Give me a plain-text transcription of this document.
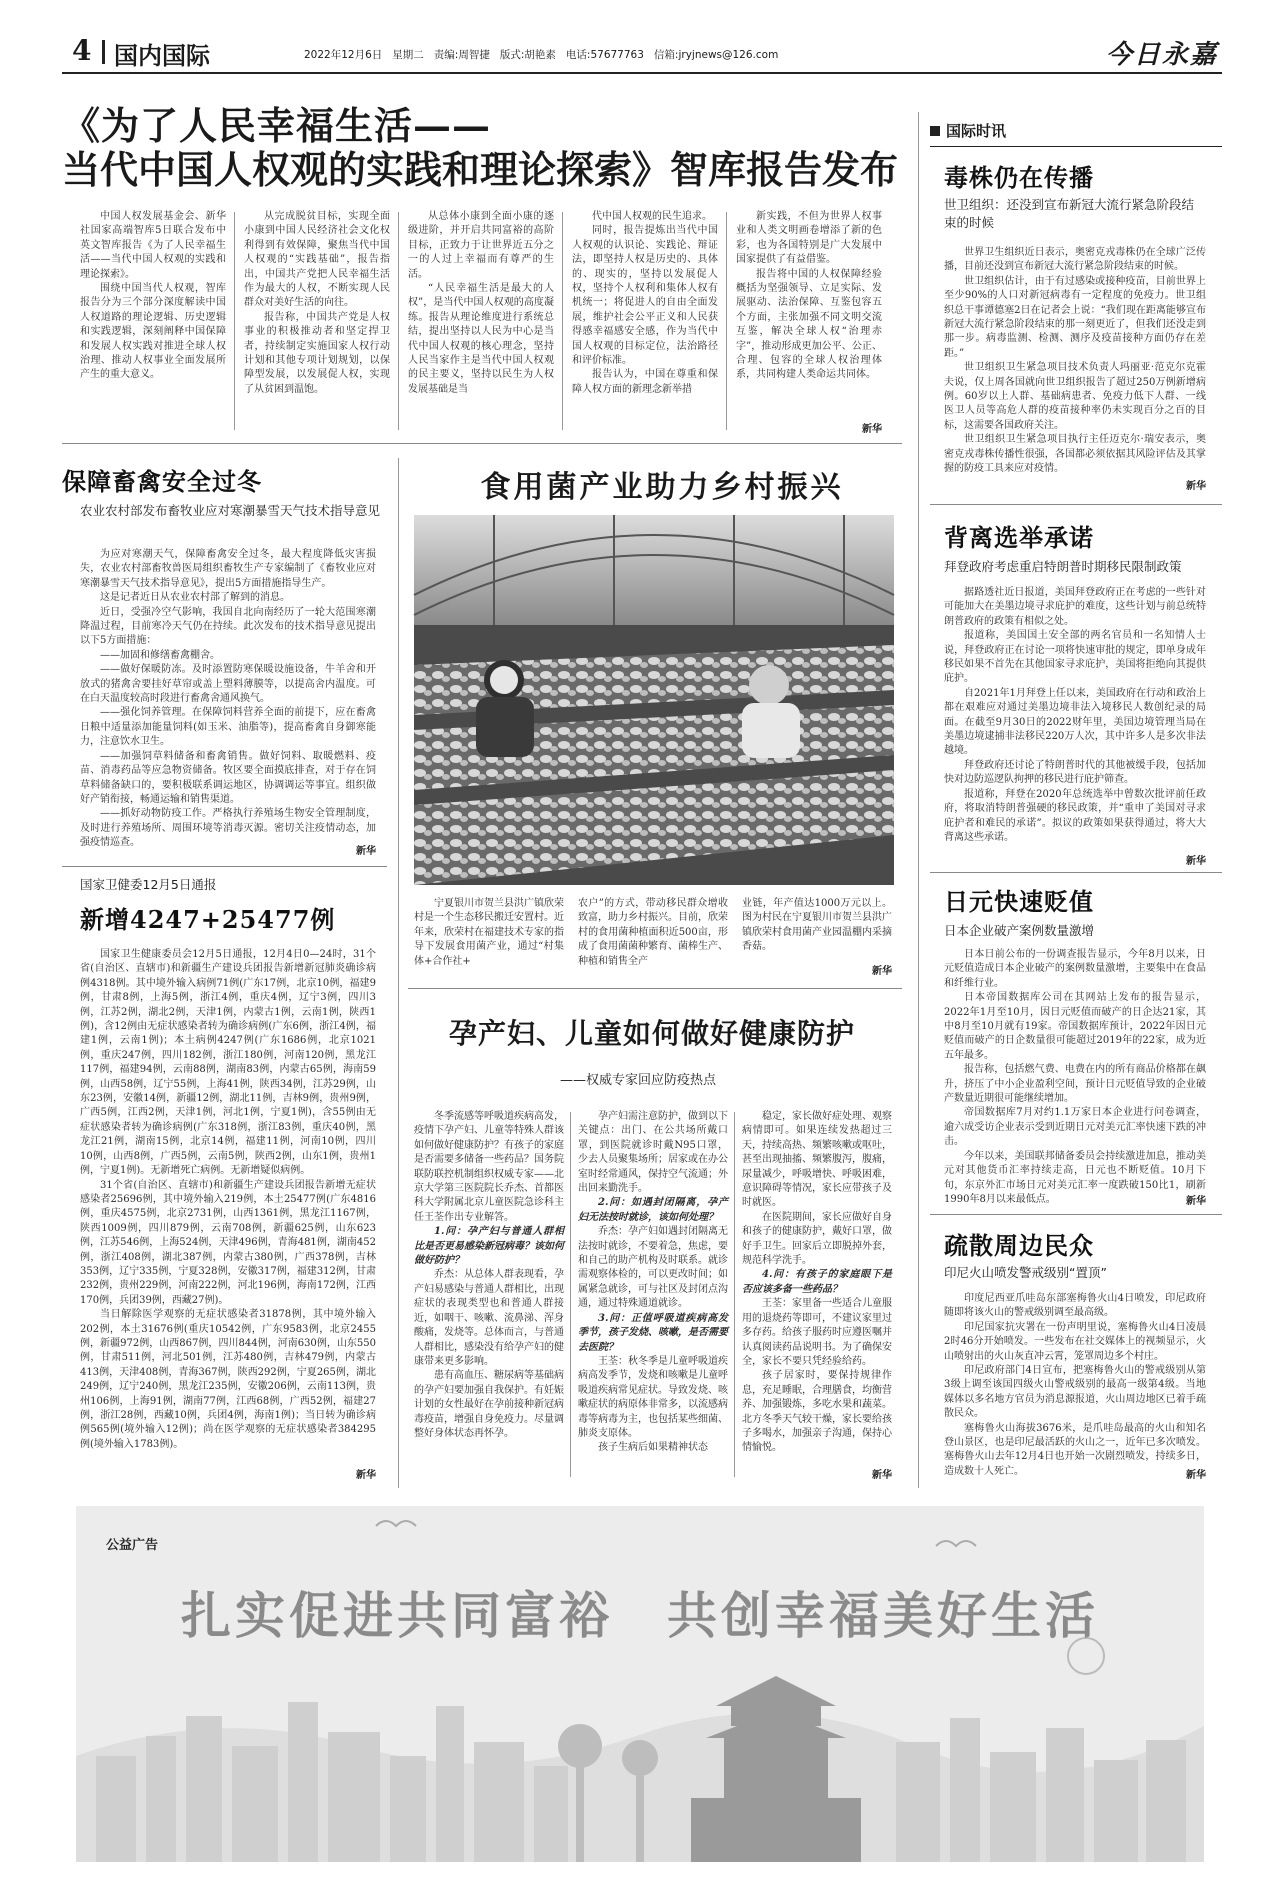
4 国内国际	2022年12月6日 星期二 责编:周智捷 版式:胡艳素 电话:57677763 信箱:jryjnews@126.com	今日永嘉
《为了人民幸福生活——
当代中国人权观的实践和理论探索》智库报告发布

中国人权发展基金会、新华社国家高端智库5日联合发布中英文智库报告《为了人民幸福生活——当代中国人权观的实践和理论探索》。

围绕中国当代人权观，智库报告分为三个部分深度解读中国人权道路的理论逻辑、历史逻辑和实践逻辑，深刻阐释中国保障和发展人权实践对推进全球人权治理、推动人权事业全面发展所产生的重大意义。

从完成脱贫目标，实现全面小康到中国人民经济社会文化权利得到有效保障，聚焦当代中国人权观的“实践基础”，报告指出，中国共产党把人民幸福生活作为最大的人权，不断实现人民群众对美好生活的向往。

报告称，中国共产党是人权事业的积极推动者和坚定捍卫者，持续制定实施国家人权行动计划和其他专项计划规划，以保障型发展，以发展促人权，实现了从贫困到温饱。

从总体小康到全面小康的逐级进阶，并开启共同富裕的高阶目标，正致力于让世界近五分之一的人过上幸福而有尊严的生活。

“人民幸福生活是最大的人权”，是当代中国人权观的高度凝练。报告从理论维度进行系统总结，提出坚持以人民为中心是当代中国人权观的核心理念，坚持人民当家作主是当代中国人权观的民主要义，坚持以民生为人权发展基础是当

代中国人权观的民生追求。

同时，报告提炼出当代中国人权观的认识论、实践论、辩证法，即坚持人权是历史的、具体的、现实的，坚持以发展促人权，坚持个人权利和集体人权有机统一；将促进人的自由全面发展，维护社会公平正义和人民获得感幸福感安全感，作为当代中国人权观的目标定位，法治路径和评价标准。

报告认为，中国在尊重和保障人权方面的新理念新举措

新实践，不但为世界人权事业和人类文明画卷增添了新的色彩，也为各国特别是广大发展中国家提供了有益借鉴。

报告将中国的人权保障经验概括为坚强领导、立足实际、发展驱动、法治保障、互鉴包容五个方面，主张加强不同文明交流互鉴，解决全球人权“治理赤字”，推动形成更加公平、公正、合理、包容的全球人权治理体系，共同构建人类命运共同体。

新华
保障畜禽安全过冬
农业农村部发布畜牧业应对寒潮暴雪天气技术指导意见

为应对寒潮天气，保障畜禽安全过冬，最大程度降低灾害损失，农业农村部畜牧兽医局组织畜牧生产专家编制了《畜牧业应对寒潮暴雪天气技术指导意见》，提出5方面措施指导生产。

这是记者近日从农业农村部了解到的消息。

近日，受强冷空气影响，我国自北向南经历了一轮大范围寒潮降温过程，目前寒冷天气仍在持续。此次发布的技术指导意见提出以下5方面措施：

——加固和修缮畜禽棚舍。

——做好保暖防冻。及时添置防寒保暖设施设备，牛羊舍和开放式的猪禽舍要挂好草帘或盖上塑料薄膜等，以提高舍内温度。可在白天温度较高时段进行畜禽舍通风换气。

——强化饲养管理。在保障饲料营养全面的前提下，应在畜禽日粮中适量添加能量饲料(如玉米、油脂等)，提高畜禽自身御寒能力，注意饮水卫生。

——加强饲草料储备和畜禽销售。做好饲料、取暖燃料、疫苗、消毒药品等应急物资储备。牧区要全面摸底排查，对于存在饲草料储备缺口的，要积极联系调运地区，协调调运等事宜。组织做好产销衔接，畅通运输和销售渠道。

——抓好动物防疫工作。严格执行养殖场生物安全管理制度，及时进行养殖场所、周围环境等消毒灭源。密切关注疫情动态，加强疫情巡查。

新华
国家卫健委12月5日通报
新增4247+25477例

国家卫生健康委员会12月5日通报，12月4日0—24时，31个省(自治区、直辖市)和新疆生产建设兵团报告新增新冠肺炎确诊病例4318例。其中境外输入病例71例(广东17例，北京10例，福建9例，甘肃8例，上海5例，浙江4例，重庆4例，辽宁3例，四川3例，江苏2例，湖北2例，天津1例，内蒙古1例，云南1例，陕西1例)，含12例由无症状感染者转为确诊病例(广东6例，浙江4例，福建1例，云南1例)；本土病例4247例(广东1686例，北京1021例，重庆247例，四川182例，浙江180例，河南120例，黑龙江117例，福建94例，云南88例，湖南83例，内蒙古65例，海南59例，山西58例，辽宁55例，上海41例，陕西34例，江苏29例，山东23例，安徽14例，新疆12例，湖北11例，吉林9例，贵州9例，广西5例，江西2例，天津1例，河北1例，宁夏1例)，含55例由无症状感染者转为确诊病例(广东318例，浙江83例，重庆40例，黑龙江21例，湖南15例，北京14例，福建11例，河南10例，四川10例，山西8例，广西5例，云南5例，陕西2例，山东1例，贵州1例，宁夏1例)。无新增死亡病例。无新增疑似病例。

31个省(自治区、直辖市)和新疆生产建设兵团报告新增无症状感染者25696例，其中境外输入219例，本土25477例(广东4816例，重庆4575例，北京2731例，山西1361例，黑龙江1167例，陕西1009例，四川879例，云南708例，新疆625例，山东623例，江苏546例，上海524例，天津496例，青海481例，湖南452例，浙江408例，湖北387例，内蒙古380例，广西378例，吉林353例，辽宁335例，宁夏328例，安徽317例，福建312例，甘肃232例，贵州229例，河南222例，河北196例，海南172例，江西170例，兵团39例，西藏27例)。

当日解除医学观察的无症状感染者31878例，其中境外输入202例，本土31676例(重庆10542例，广东9583例，北京2455例，新疆972例，山西867例，四川844例，河南630例，山东550例，甘肃511例，河北501例，江苏480例，吉林479例，内蒙古413例，天津408例，青海367例，陕西292例，宁夏265例，湖北249例，辽宁240例，黑龙江235例，安徽206例，云南113例，贵州106例，上海91例，湖南77例，江西68例，广西52例，福建27例，浙江28例，西藏10例，兵团4例，海南1例)；当日转为确诊病例565例(境外输入12例)；尚在医学观察的无症状感染者384295例(境外输入1783例)。

新华
食用菌产业助力乡村振兴

宁夏银川市贺兰县洪广镇欣荣村是一个生态移民搬迁安置村。近年来，欣荣村在福建技术专家的指导下发展食用菌产业，通过“村集体+合作社+

农户”的方式，带动移民群众增收致富，助力乡村振兴。目前，欣荣村的食用菌种植面积近500亩，形成了食用菌菌种繁育、菌棒生产、种植和销售全产

业链，年产值达1000万元以上。图为村民在宁夏银川市贺兰县洪广镇欣荣村食用菌产业园温棚内采摘香菇。

新华
孕产妇、儿童如何做好健康防护
——权威专家回应防疫热点

冬季流感等呼吸道疾病高发，疫情下孕产妇、儿童等特殊人群该如何做好健康防护？有孩子的家庭是否需要多储备一些药品？国务院联防联控机制组织权威专家——北京大学第三医院院长乔杰、首都医科大学附属北京儿童医院急诊科主任王荃作出专业解答。

1.问：孕产妇与普通人群相比是否更易感染新冠病毒？该如何做好防护？

乔杰：从总体人群表现看，孕产妇易感染与普通人群相比，出现症状的表现类型也和普通人群接近，如咽干、咳嗽、流鼻涕、浑身酸痛，发烧等。总体而言，与普通人群相比，感染没有给孕产妇的健康带来更多影响。

患有高血压、糖尿病等基础病的孕产妇要加强自我保护。有妊娠计划的女性最好在孕前接种新冠病毒疫苗，增强自身免疫力。尽量调整好身体状态再怀孕。

孕产妇需注意防护，做到以下关键点：出门、在公共场所戴口罩，到医院就诊时戴N95口罩，少去人员聚集场所；居家或在办公室时经常通风，保持空气流通；外出回来勤洗手。

2.问：如遇封闭隔离，孕产妇无法按时就诊，该如何处理？

乔杰：孕产妇如遇封闭隔离无法按时就诊，不要着急，焦虑，要和自己的助产机构及时联系。就诊需观察体检的，可以更改时间；如属紧急就诊，可与社区及封闭点沟通，通过特殊通道就诊。

3.问：正值呼吸道疾病高发季节，孩子发烧、咳嗽，是否需要去医院？

王荃：秋冬季是儿童呼吸道疾病高发季节，发烧和咳嗽是儿童呼吸道疾病常见症状。导致发烧、咳嗽症状的病原体非常多，以流感病毒等病毒为主，也包括某些细菌、肺炎支原体。

孩子生病后如果精神状态

稳定，家长做好症处理、观察病情即可。如果连续发热超过三天，持续高热、频繁咳嗽或呕吐，甚至出现抽搐、频繁腹泻，腹痛，尿量减少，呼吸增快、呼吸困难，意识障碍等情况，家长应带孩子及时就医。

在医院期间，家长应做好自身和孩子的健康防护，戴好口罩，做好手卫生。回家后立即脱掉外套，规范科学洗手。

4.问：有孩子的家庭眼下是否应该多备一些药品？

王荃：家里备一些适合儿童服用的退烧药等即可，不建议家里过多存药。给孩子服药时应遵医嘱并认真阅读药品说明书。为了确保安全，家长不要只凭经验给药。

孩子居家时，要保持规律作息，充足睡眠，合理膳食，均衡营养、加强锻炼，多吃水果和蔬菜。北方冬季天气较干燥，家长要给孩子多喝水，加强亲子沟通，保持心情愉悦。

新华
国际时讯
毒株仍在传播
世卫组织：还没到宣布新冠大流行紧急阶段结束的时候

世界卫生组织近日表示，奥密克戎毒株仍在全球广泛传播，目前还没到宣布新冠大流行紧急阶段结束的时候。

世卫组织估计，由于有过感染或接种疫苗，目前世界上至少90%的人口对新冠病毒有一定程度的免疫力。世卫组织总干事谭德塞2日在记者会上说：“我们现在距离能够宣布新冠大流行紧急阶段结束的那一刻更近了，但我们还没走到那一步。病毒监测、检测、测序及疫苗接种方面仍存在差距。”

世卫组织卫生紧急项目技术负责人玛丽亚·范克尔克霍夫说，仅上周各国就向世卫组织报告了超过250万例新增病例。60岁以上人群、基础病患者、免疫力低下人群、一线医卫人员等高危人群的疫苗接种率仍未实现百分之百的目标，这需要各国政府关注。

世卫组织卫生紧急项目执行主任迈克尔·瑞安表示，奥密克戎毒株传播性很强，各国都必须依据其风险评估及其掌握的防疫工具来应对疫情。

新华
背离选举承诺
拜登政府考虑重启特朗普时期移民限制政策

据路透社近日报道，美国拜登政府正在考虑的一些针对可能加大在美墨边境寻求庇护的难度，这些计划与前总统特朗普政府的政策有相似之处。

报道称，美国国土安全部的两名官员和一名知情人士说，拜登政府正在讨论一项将快速审批的规定，即单身成年移民如果不首先在其他国家寻求庇护，美国将拒绝向其提供庇护。

自2021年1月拜登上任以来，美国政府在行动和政治上都在艰难应对通过美墨边境非法入境移民人数创纪录的局面。在截至9月30日的2022财年里，美国边境管理当局在美墨边境逮捕非法移民220万人次，其中许多人是多次非法越境。

拜登政府还讨论了特朗普时代的其他被缓手段，包括加快对边防巡逻队拘押的移民进行庇护筛查。

报道称，拜登在2020年总统选举中曾数次批评前任政府，将取消特朗普强硬的移民政策，并“重申了美国对寻求庇护者和难民的承诺”。拟议的政策如果获得通过，将大大背离这些承诺。

新华
日元快速贬值
日本企业破产案例数量激增

日本日前公布的一份调查报告显示，今年8月以来，日元贬值造成日本企业破产的案例数量激增，主要集中在食品和纤维行业。

日本帝国数据库公司在其网站上发布的报告显示，2022年1月至10月，因日元贬值而破产的日企达21家，其中8月至10月就有19家。帝国数据库预计，2022年因日元贬值而破产的日企数量很可能超过2019年的22家，成为近五年最多。

报告称，包括燃气费、电费在内的所有商品价格都在飙升，挤压了中小企业盈利空间，预计日元贬值导致的企业破产数量近期很可能继续增加。

帝国数据库7月对约1.1万家日本企业进行问卷调查，逾六成受访企业表示受到近期日元对美元汇率快速下跌的冲击。

今年以来，美国联邦储备委员会持续激进加息，推动美元对其他货币汇率持续走高，日元也不断贬值。10月下旬，东京外汇市场日元对美元汇率一度跌破150比1，刷新1990年8月以来最低点。	新华
疏散周边民众
印尼火山喷发警戒级别“置顶”

印度尼西亚爪哇岛东部塞梅鲁火山4日喷发，印尼政府随即将该火山的警戒级别调至最高级。

印尼国家抗灾署在一份声明里说，塞梅鲁火山4日凌晨2时46分开始喷发。一些发布在社交媒体上的视频显示，火山喷射出的火山灰直冲云霄，笼罩周边多个村庄。

印尼政府部门4日宣布，把塞梅鲁火山的警戒级别从第3级上调至该国四级火山警戒级别的最高一级第4级。当地媒体以多名地方官员为消息源报道，火山周边地区已着手疏散民众。

塞梅鲁火山海拔3676米，是爪哇岛最高的火山和知名登山景区，也是印尼最活跃的火山之一，近年已多次喷发。塞梅鲁火山去年12月4日也开始一次剧烈喷发，持续多日，造成数十人死亡。	新华
公益广告
扎实促进共同富裕　共创幸福美好生活
